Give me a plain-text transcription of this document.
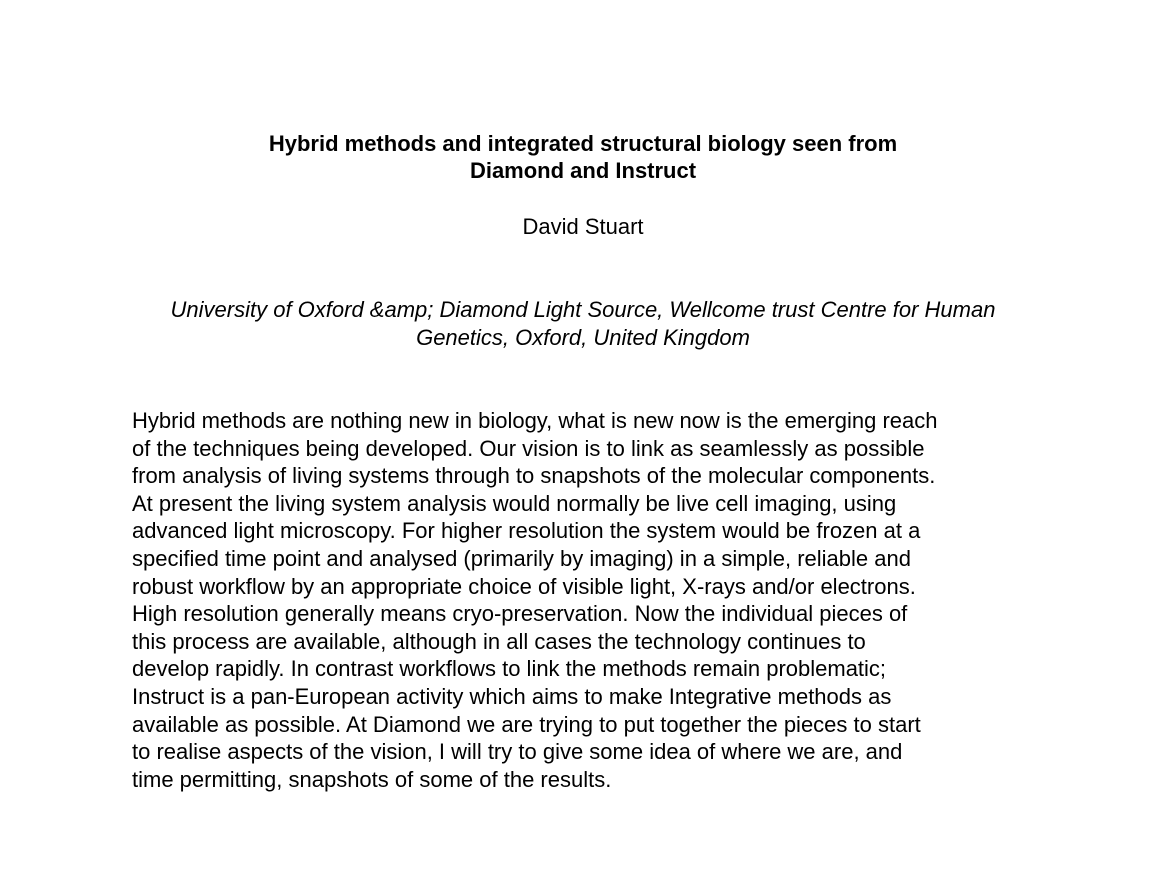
Hybrid methods and integrated structural biology seen from
Diamond and Instruct

David Stuart

University of Oxford &amp; Diamond Light Source, Wellcome trust Centre for Human
Genetics, Oxford, United Kingdom

Hybrid methods are nothing new in biology, what is new now is the emerging reach
of the techniques being developed. Our vision is to link as seamlessly as possible
from analysis of living systems through to snapshots of the molecular components.
At present the living system analysis would normally be live cell imaging, using
advanced light microscopy. For higher resolution the system would be frozen at a
specified time point and analysed (primarily by imaging) in a simple, reliable and
robust workflow by an appropriate choice of visible light, X-rays and/or electrons.
High resolution generally means cryo-preservation. Now the individual pieces of
this process are available, although in all cases the technology continues to
develop rapidly. In contrast workflows to link the methods remain problematic;
Instruct is a pan-European activity which aims to make Integrative methods as
available as possible. At Diamond we are trying to put together the pieces to start
to realise aspects of the vision, I will try to give some idea of where we are, and
time permitting, snapshots of some of the results.
